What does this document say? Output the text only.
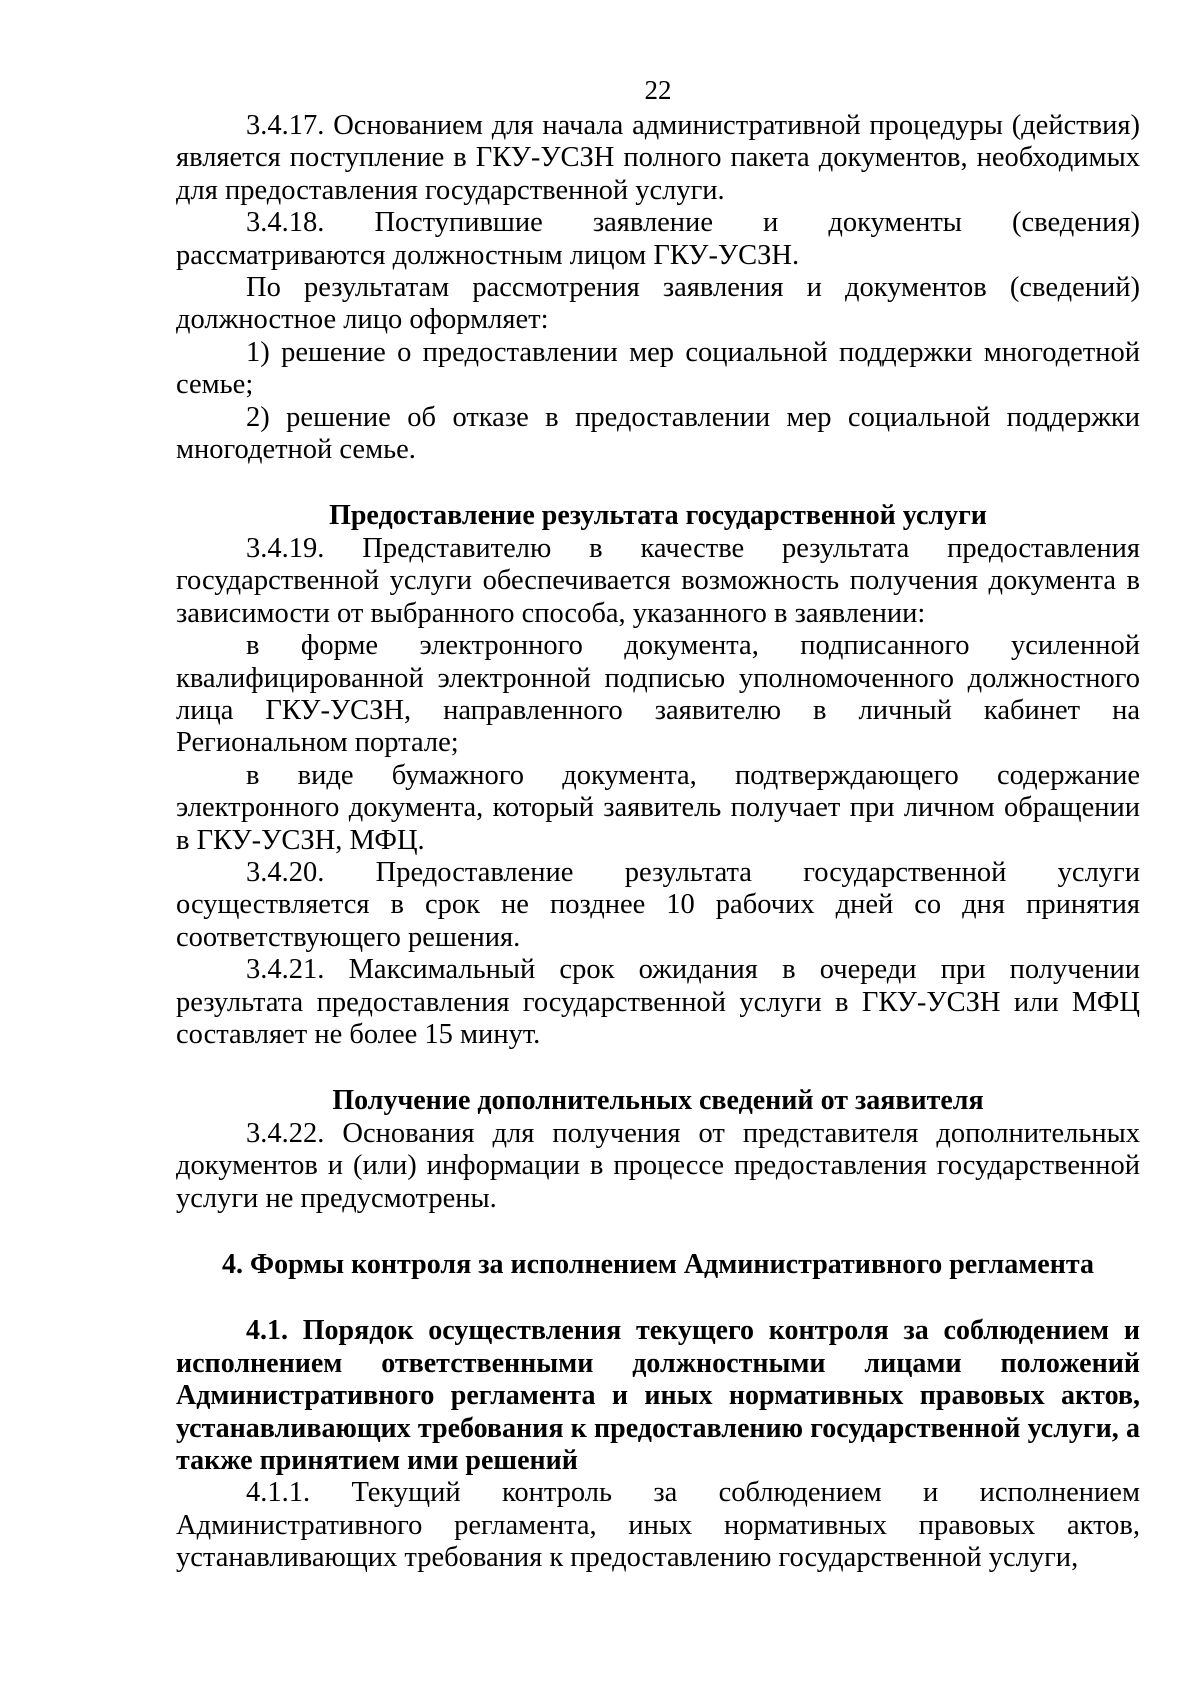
22

3.4.17. Основанием для начала административной процедуры (действия) является поступление в ГКУ-УСЗН полного пакета документов, необходимых для предоставления государственной услуги.

3.4.18. Поступившие заявление и документы (сведения) рассматриваются должностным лицом ГКУ-УСЗН.

По результатам рассмотрения заявления и документов (сведений) должностное лицо оформляет:

1) решение о предоставлении мер социальной поддержки многодетной семье;

2) решение об отказе в предоставлении мер социальной поддержки многодетной семье.

Предоставление результата государственной услуги

3.4.19. Представителю в качестве результата предоставления государственной услуги обеспечивается возможность получения документа в зависимости от выбранного способа, указанного в заявлении:

в форме электронного документа, подписанного усиленной квалифицированной электронной подписью уполномоченного должностного лица ГКУ-УСЗН, направленного заявителю в личный кабинет на Региональном портале;

в виде бумажного документа, подтверждающего содержание электронного документа, который заявитель получает при личном обращении в ГКУ-УСЗН, МФЦ.

3.4.20. Предоставление результата государственной услуги осуществляется в срок не позднее 10 рабочих дней со дня принятия соответствующего решения.

3.4.21. Максимальный срок ожидания в очереди при получении результата предоставления государственной услуги в ГКУ-УСЗН или МФЦ составляет не более 15 минут.

Получение дополнительных сведений от заявителя

3.4.22. Основания для получения от представителя дополнительных документов и (или) информации в процессе предоставления государственной услуги не предусмотрены.

4. Формы контроля за исполнением Административного регламента
4.1. Порядок осуществления текущего контроля за соблюдением и исполнением ответственными должностными лицами положений Административного регламента и иных нормативных правовых актов, устанавливающих требования к предоставлению государственной услуги, а также принятием ими решений

4.1.1. Текущий контроль за соблюдением и исполнением Административного регламента, иных нормативных правовых актов, устанавливающих требования к предоставлению государственной услуги,
